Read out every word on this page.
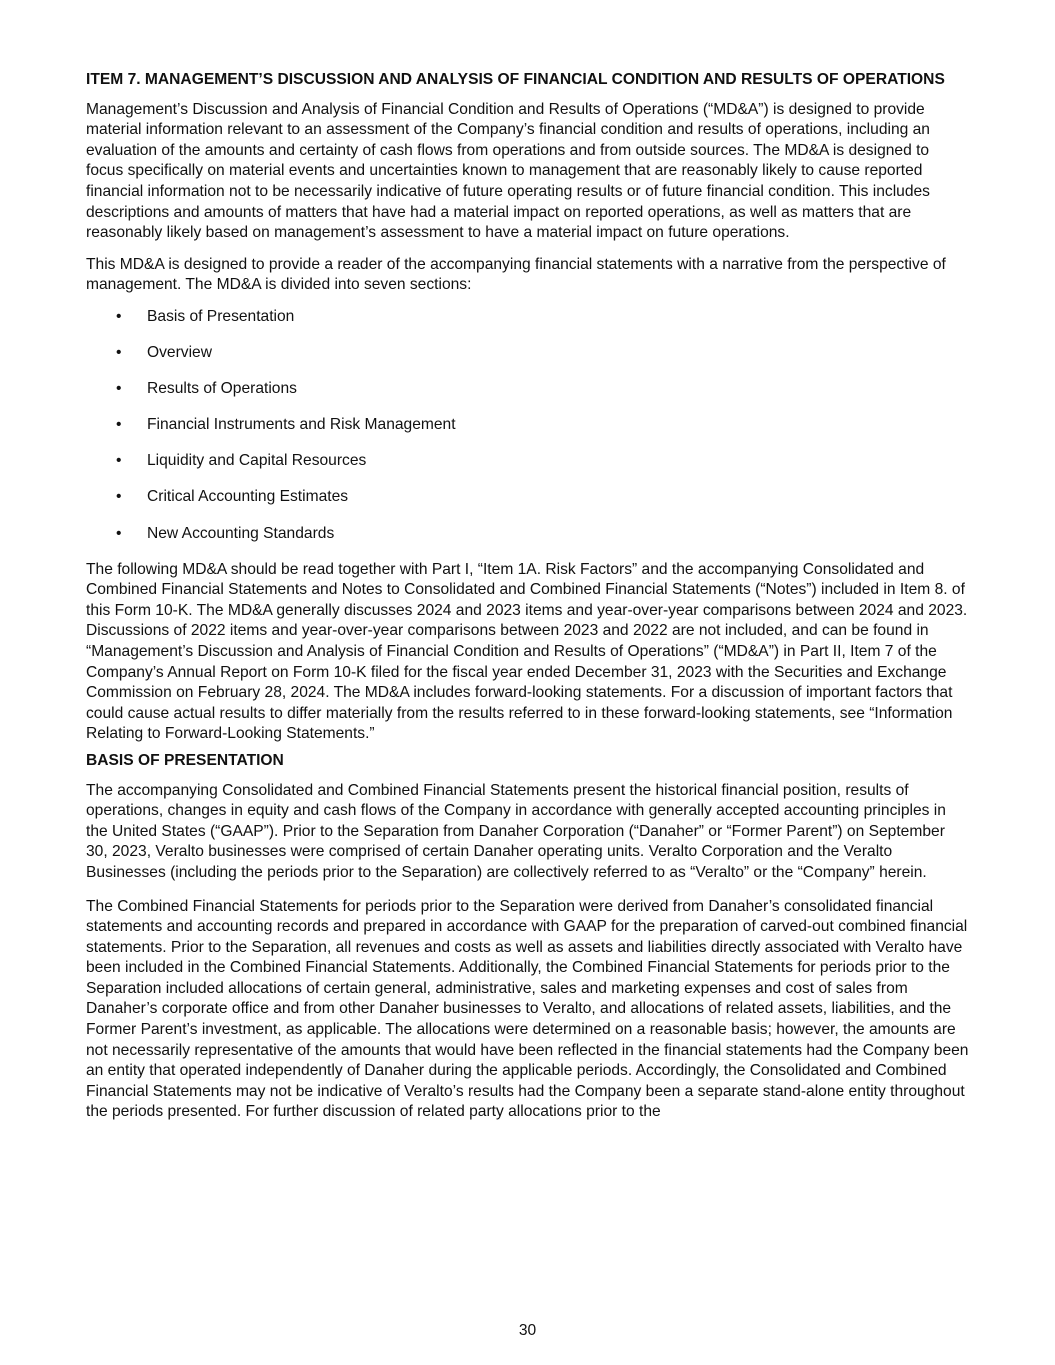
ITEM 7. MANAGEMENT’S DISCUSSION AND ANALYSIS OF FINANCIAL CONDITION AND RESULTS OF OPERATIONS

Management’s Discussion and Analysis of Financial Condition and Results of Operations (“MD&A”) is designed to provide material information relevant to an assessment of the Company’s financial condition and results of operations, including an evaluation of the amounts and certainty of cash flows from operations and from outside sources. The MD&A is designed to focus specifically on material events and uncertainties known to management that are reasonably likely to cause reported financial information not to be necessarily indicative of future operating results or of future financial condition. This includes descriptions and amounts of matters that have had a material impact on reported operations, as well as matters that are reasonably likely based on management’s assessment to have a material impact on future operations.

This MD&A is designed to provide a reader of the accompanying financial statements with a narrative from the perspective of management. The MD&A is divided into seven sections:

• Basis of Presentation
• Overview
• Results of Operations
• Financial Instruments and Risk Management
• Liquidity and Capital Resources
• Critical Accounting Estimates
• New Accounting Standards

The following MD&A should be read together with Part I, “Item 1A. Risk Factors” and the accompanying Consolidated and Combined Financial Statements and Notes to Consolidated and Combined Financial Statements (“Notes”) included in Item 8. of this Form 10-K. The MD&A generally discusses 2024 and 2023 items and year-over-year comparisons between 2024 and 2023. Discussions of 2022 items and year-over-year comparisons between 2023 and 2022 are not included, and can be found in “Management’s Discussion and Analysis of Financial Condition and Results of Operations” (“MD&A”) in Part II, Item 7 of the Company’s Annual Report on Form 10-K filed for the fiscal year ended December 31, 2023 with the Securities and Exchange Commission on February 28, 2024. The MD&A includes forward-looking statements. For a discussion of important factors that could cause actual results to differ materially from the results referred to in these forward-looking statements, see “Information Relating to Forward-Looking Statements.”

BASIS OF PRESENTATION

The accompanying Consolidated and Combined Financial Statements present the historical financial position, results of operations, changes in equity and cash flows of the Company in accordance with generally accepted accounting principles in the United States (“GAAP”). Prior to the Separation from Danaher Corporation (“Danaher” or “Former Parent”) on September 30, 2023, Veralto businesses were comprised of certain Danaher operating units. Veralto Corporation and the Veralto Businesses (including the periods prior to the Separation) are collectively referred to as “Veralto” or the “Company” herein.

The Combined Financial Statements for periods prior to the Separation were derived from Danaher’s consolidated financial statements and accounting records and prepared in accordance with GAAP for the preparation of carved-out combined financial statements. Prior to the Separation, all revenues and costs as well as assets and liabilities directly associated with Veralto have been included in the Combined Financial Statements. Additionally, the Combined Financial Statements for periods prior to the Separation included allocations of certain general, administrative, sales and marketing expenses and cost of sales from Danaher’s corporate office and from other Danaher businesses to Veralto, and allocations of related assets, liabilities, and the Former Parent’s investment, as applicable. The allocations were determined on a reasonable basis; however, the amounts are not necessarily representative of the amounts that would have been reflected in the financial statements had the Company been an entity that operated independently of Danaher during the applicable periods. Accordingly, the Consolidated and Combined Financial Statements may not be indicative of Veralto’s results had the Company been a separate stand-alone entity throughout the periods presented. For further discussion of related party allocations prior to the

30
